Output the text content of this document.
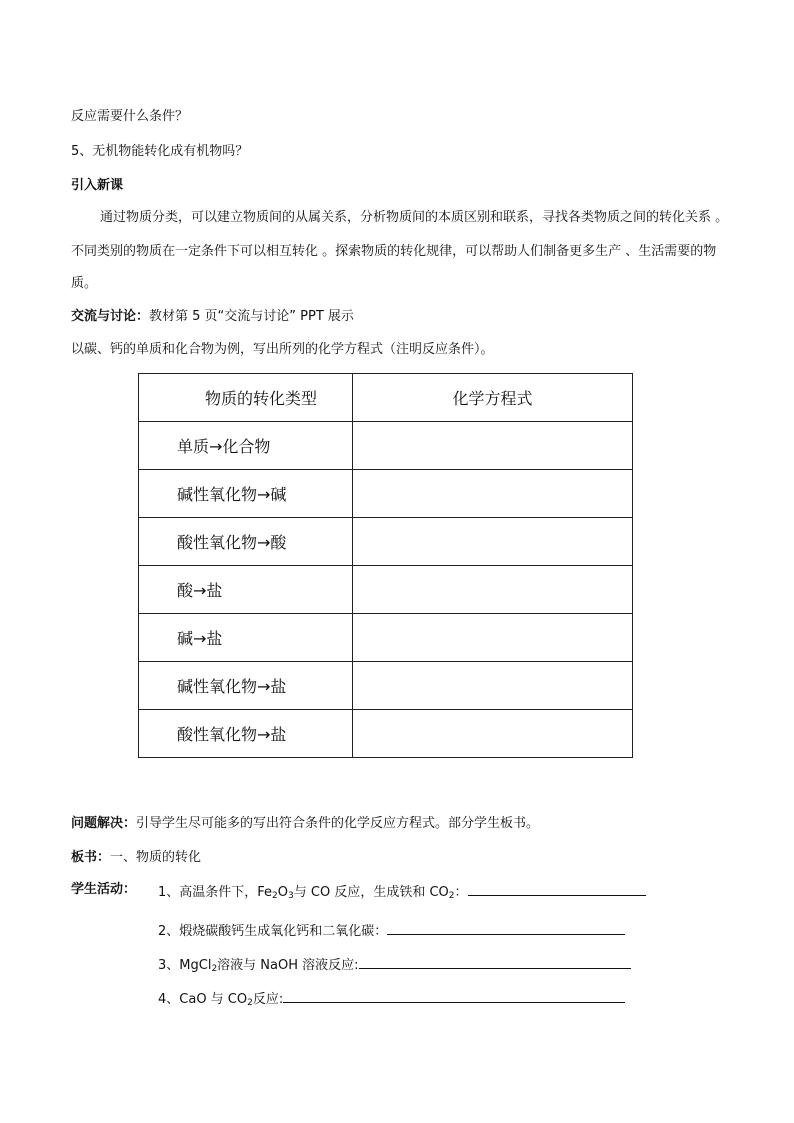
反应需要什么条件？
5、无机物能转化成有机物吗？
引入新课
通过物质分类，可以建立物质间的从属关系，分析物质间的本质区别和联系，寻找各类物质之间的转化关系 。
不同类别的物质在一定条件下可以相互转化 。探索物质的转化规律，可以帮助人们制备更多生产 、生活需要的物
质。
交流与讨论：教材第 5 页“交流与讨论” PPT 展示
以碳、钙的单质和化合物为例，写出所列的化学方程式（注明反应条件）。
物质的转化类型	化学方程式
单质→化合物	
碱性氧化物→碱	
酸性氧化物→酸	
酸→盐	
碱→盐	
碱性氧化物→盐	
酸性氧化物→盐	
问题解决：引导学生尽可能多的写出符合条件的化学反应方程式。部分学生板书。
板书：一、物质的转化
学生活动： 1、高温条件下，$Fe_2O_3$与 CO 反应，生成铁和 $CO_2$：
2、煅烧碳酸钙生成氧化钙和二氧化碳：
3、MgCl$_2$溶液与 NaOH 溶液反应:
4、CaO 与 $CO_2$反应:
